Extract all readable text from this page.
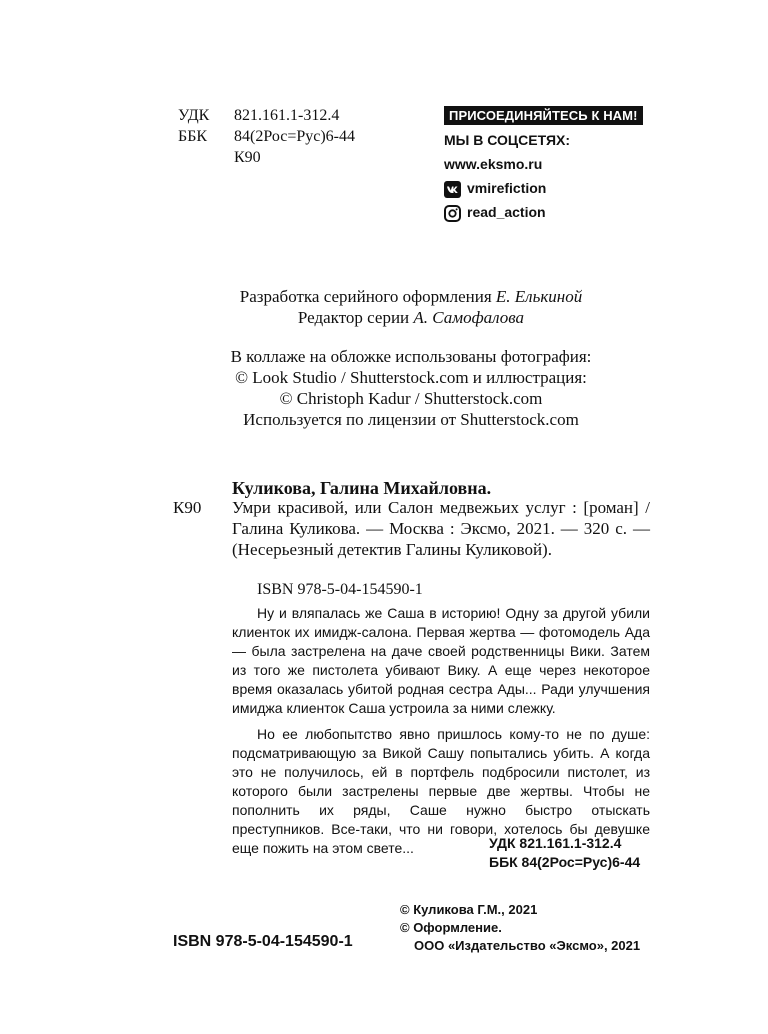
УДК 821.161.1-312.4
ББК 84(2Рос=Рус)6-44
К90
ПРИСОЕДИНЯЙТЕСЬ К НАМ!
МЫ В СОЦСЕТЯХ:
www.eksmo.ru
vmirefiction
read_action
Разработка серийного оформления Е. Елькиной
Редактор серии А. Самофалова
В коллаже на обложке использованы фотография:
© Look Studio / Shutterstock.com и иллюстрация:
© Christoph Kadur / Shutterstock.com
Используется по лицензии от Shutterstock.com
Куликова, Галина Михайловна.
К90 Умри красивой, или Салон медвежьих услуг : [роман] / Галина Куликова. — Москва : Эксмо, 2021. — 320 с. — (Несерьезный детектив Галины Куликовой).

ISBN 978-5-04-154590-1

Ну и вляпалась же Саша в историю! Одну за другой убили клиенток их имидж-салона. Первая жертва — фотомодель Ада — была застрелена на даче своей родственницы Вики. Затем из того же пистолета убивают Вику. А еще через некоторое время оказалась убитой родная сестра Ады... Ради улучшения имиджа клиенток Саша устроила за ними слежку.

Но ее любопытство явно пришлось кому-то не по душе: подсматривающую за Викой Сашу попытались убить. А когда это не получилось, ей в портфель подбросили пистолет, из которого были застрелены первые две жертвы. Чтобы не пополнить их ряды, Саше нужно быстро отыскать преступников. Все-таки, что ни говори, хотелось бы девушке еще пожить на этом свете...	УДК 821.161.1-312.4
ББК 84(2Рос=Рус)6-44
© Куликова Г.М., 2021
© Оформление.
ООО «Издательство «Эксмо», 2021
ISBN 978-5-04-154590-1
